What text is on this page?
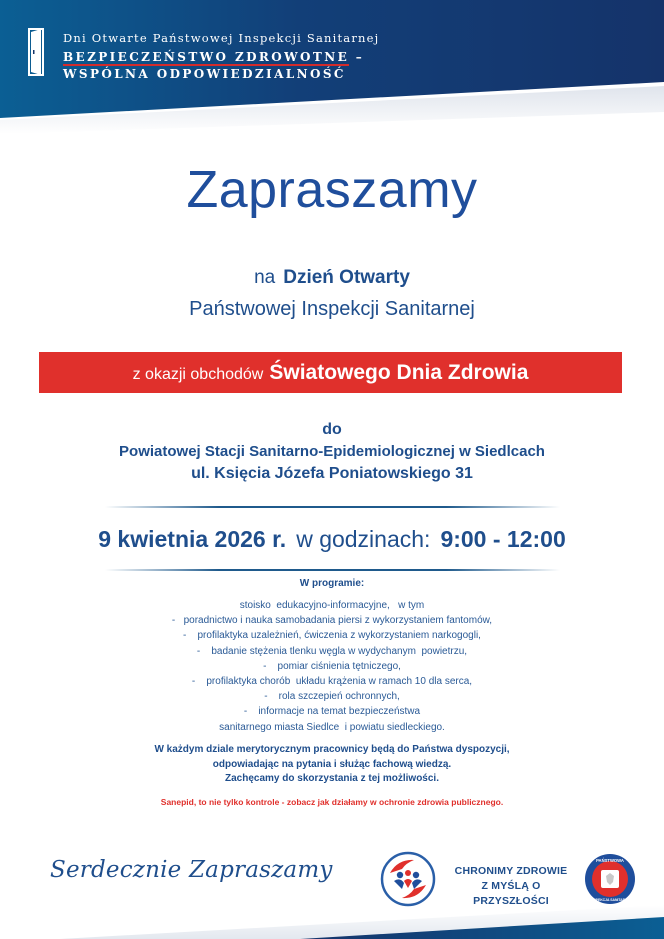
Dni Otwarte Państwowej Inspekcji Sanitarnej
BEZPIECZEŃSTWO ZDROWOTNE –
WSPÓLNA ODPOWIEDZIALNOŚĆ
Zapraszamy
na Dzień Otwarty
Państwowej Inspekcji Sanitarnej
z okazji obchodów Światowego Dnia Zdrowia
do
Powiatowej Stacji Sanitarno-Epidemiologicznej w Siedlcach
ul. Księcia Józefa Poniatowskiego 31
9 kwietnia 2026 r. w godzinach: 9:00 - 12:00
W programie:
stoisko  edukacyjno-informacyjne,   w tym
-   poradnictwo i nauka samobadania piersi z wykorzystaniem fantomów,
-    profilaktyka uzależnień, ćwiczenia z wykorzystaniem narkogogli,
-    badanie stężenia tlenku węgla w wydychanym  powietrzu,
-    pomiar ciśnienia tętniczego,
-    profilaktyka chorób  układu krążenia w ramach 10 dla serca,
-    rola szczepień ochronnych,
-    informacje na temat bezpieczeństwa
sanitarnego miasta Siedlce  i powiatu siedleckiego.
W każdym dziale merytorycznym pracownicy będą do Państwa dyspozycji,
odpowiadając na pytania i służąc fachową wiedzą.
Zachęcamy do skorzystania z tej możliwości.
Sanepid, to nie tylko kontrole - zobacz jak działamy w ochronie zdrowia publicznego.
Serdecznie Zapraszamy	CHRONIMY ZDROWIE
Z MYŚLĄ O PRZYSZŁOŚCI
PAŃSTWOWA
INSPEKCJA SANITARNA
